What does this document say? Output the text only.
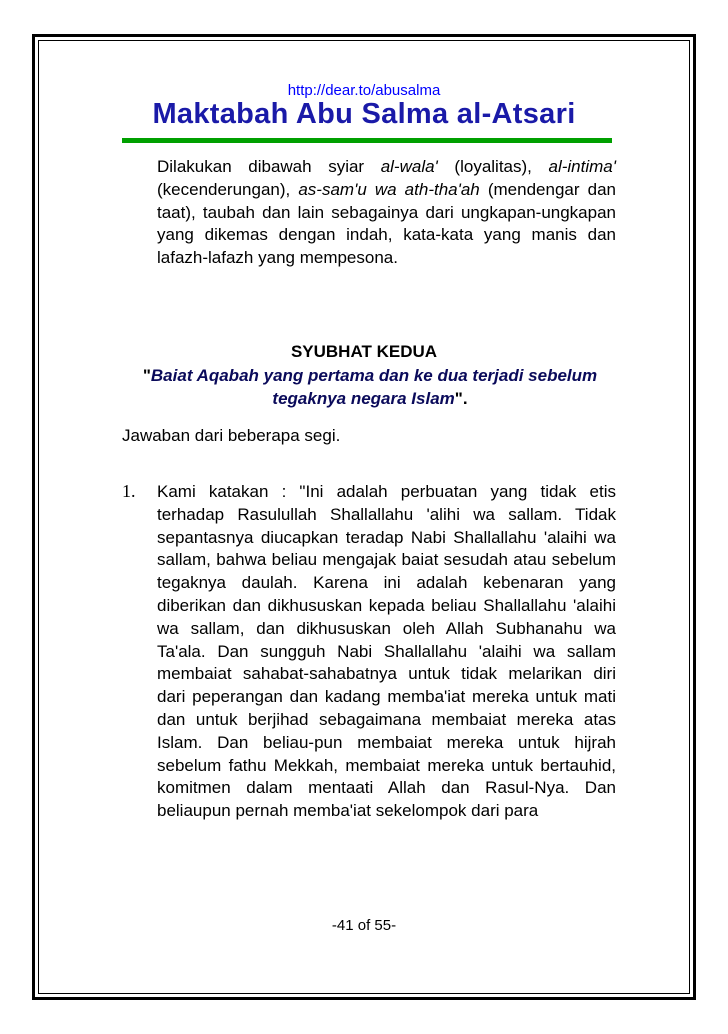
http://dear.to/abusalma
Maktabah Abu Salma al-Atsari
Dilakukan dibawah syiar al-wala' (loyalitas), al-intima' (kecenderungan), as-sam'u wa ath-tha'ah (mendengar dan taat), taubah dan lain sebagainya dari ungkapan-ungkapan yang dikemas dengan indah, kata-kata yang manis dan lafazh-lafazh yang mempesona.
SYUBHAT KEDUA
"Baiat Aqabah yang pertama dan ke dua terjadi sebelum tegaknya negara Islam".
Jawaban dari beberapa segi.
1. Kami katakan : "Ini adalah perbuatan yang tidak etis terhadap Rasulullah Shallallahu 'alihi wa sallam. Tidak sepantasnya diucapkan teradap Nabi Shallallahu 'alaihi wa sallam, bahwa beliau mengajak baiat sesudah atau sebelum tegaknya daulah. Karena ini adalah kebenaran yang diberikan dan dikhususkan kepada beliau Shallallahu 'alaihi wa sallam, dan dikhususkan oleh Allah Subhanahu wa Ta'ala. Dan sungguh Nabi Shallallahu 'alaihi wa sallam membaiat sahabat-sahabatnya untuk tidak melarikan diri dari peperangan dan kadang memba'iat mereka untuk mati dan untuk berjihad sebagaimana membaiat mereka atas Islam. Dan beliau-pun membaiat mereka untuk hijrah sebelum fathu Mekkah, membaiat mereka untuk bertauhid, komitmen dalam mentaati Allah dan Rasul-Nya. Dan beliaupun pernah memba'iat sekelompok dari para
-41 of 55-
